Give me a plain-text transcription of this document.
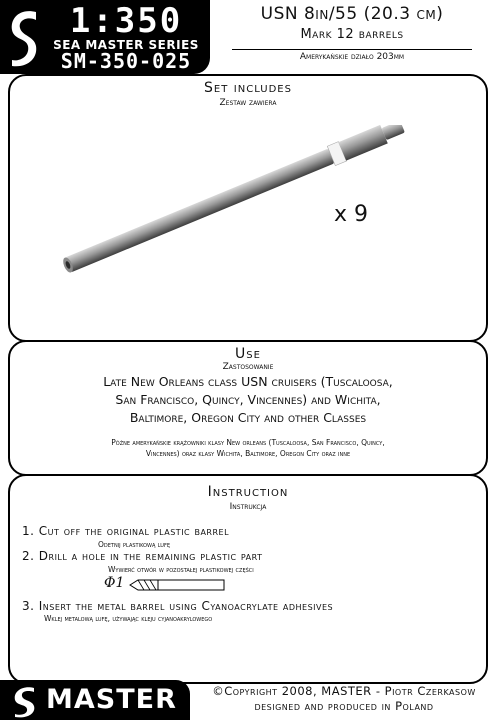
1:350
SEA MASTER SERIES
SM-350-025
USN 8in/55 (20.3 cm)
Mark 12 barrels
Amerykańskie działo 203mm
Set includes
Zestaw zawiera
x 9
Use
Zastosowanie
Late New Orleans class USN cruisers (Tuscaloosa,
San Francisco, Quincy, Vincennes) and Wichita,
Baltimore, Oregon City and other Classes
Późne amerykańskie krążowniki klasy New orleans (Tuscaloosa, San Francisco, Quincy,
Vincennes) oraz klasy Wichita, Baltimore, Oregon City oraz inne
Instruction
Instrukcja
1. Cut off the original plastic barrel
Odetnij plastikową lufę
2. Drill a hole in the remaining plastic part
Wywierć otwór w pozostałej plastikowej części
Φ1
3. Insert the metal barrel using Cyanoacrylate adhesives
Wklej metalową lufę, używając kleju cyjanoakrylowego
MASTER	©Copyright 2008, MASTER - Piotr Czerkasow
designed and produced in Poland
